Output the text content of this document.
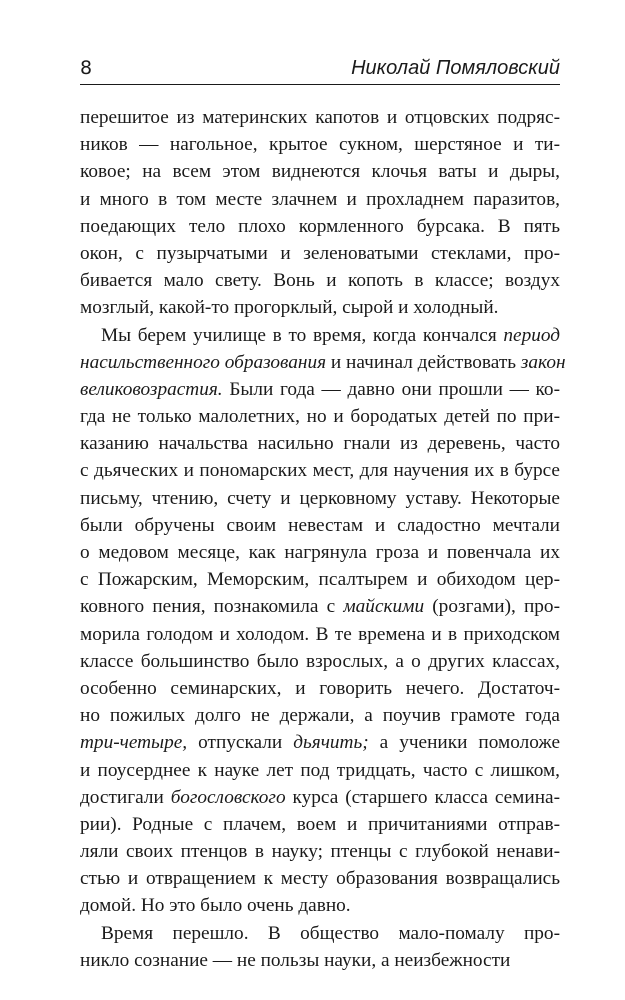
8	Николай Помяловский

перешитое из материнских капотов и отцовских подряс-
ников — нагольное, крытое сукном, шерстяное и ти-
ковое; на всем этом виднеются клочья ваты и дыры,
и много в том месте злачнем и прохладнем паразитов,
поедающих тело плохо кормленного бурсака. В пять
окон, с пузырчатыми и зеленоватыми стеклами, про-
бивается мало свету. Вонь и копоть в классе; воздух
мозглый, какой-то прогорклый, сырой и холодный.

Мы берем училище в то время, когда кончался период
насильственного образования и начинал действовать закон
великовозрастия. Были года — давно они прошли — ко-
гда не только малолетних, но и бородатых детей по при-
казанию начальства насильно гнали из деревень, часто
с дьяческих и пономарских мест, для научения их в бурсе
письму, чтению, счету и церковному уставу. Некоторые
были обручены своим невестам и сладостно мечтали
о медовом месяце, как нагрянула гроза и повенчала их
с Пожарским, Меморским, псалтырем и обиходом цер-
ковного пения, познакомила с майскими (розгами), про-
морила голодом и холодом. В те времена и в приходском
классе большинство было взрослых, а о других классах,
особенно семинарских, и говорить нечего. Достаточ-
но пожилых долго не держали, а поучив грамоте года
три-четыре, отпускали дьячить; а ученики помоложе
и поусерднее к науке лет под тридцать, часто с лишком,
достигали богословского курса (старшего класса семина-
рии). Родные с плачем, воем и причитаниями отправ-
ляли своих птенцов в науку; птенцы с глубокой ненави-
стью и отвращением к месту образования возвращались
домой. Но это было очень давно.

Время перешло. В общество мало-помалу про-
никло сознание — не пользы науки, а неизбежности
